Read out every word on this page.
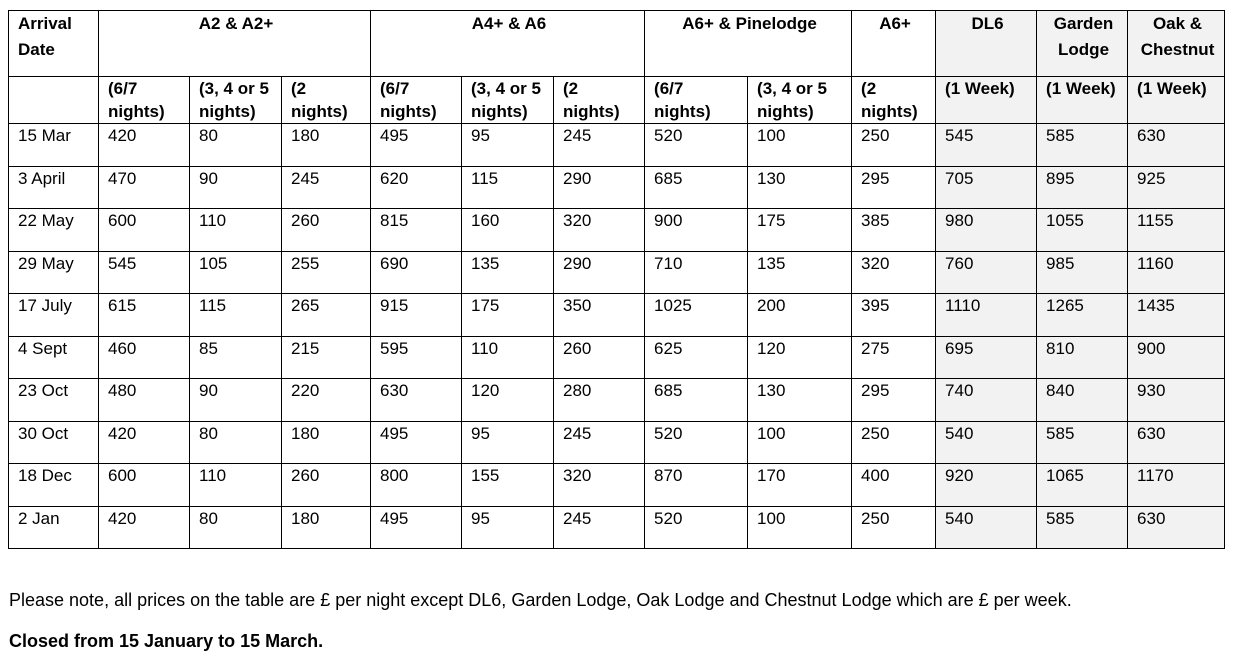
Arrival Date	A2 & A2+			A4+ & A6			A6+ & Pinelodge		A6+	DL6	Garden Lodge	Oak & Chestnut
	(6/7 nights)	(3, 4 or 5 nights)	(2 nights)	(6/7 nights)	(3, 4 or 5 nights)	(2 nights)	(6/7 nights)	(3, 4 or 5 nights)	(2 nights)	(1 Week)	(1 Week)	(1 Week)
15 Mar	420	80	180	495	95	245	520	100	250	545	585	630
3 April	470	90	245	620	115	290	685	130	295	705	895	925
22 May	600	110	260	815	160	320	900	175	385	980	1055	1155
29 May	545	105	255	690	135	290	710	135	320	760	985	1160
17 July	615	115	265	915	175	350	1025	200	395	1110	1265	1435
4 Sept	460	85	215	595	110	260	625	120	275	695	810	900
23 Oct	480	90	220	630	120	280	685	130	295	740	840	930
30 Oct	420	80	180	495	95	245	520	100	250	540	585	630
18 Dec	600	110	260	800	155	320	870	170	400	920	1065	1170
2 Jan	420	80	180	495	95	245	520	100	250	540	585	630

Please note, all prices on the table are £ per night except DL6, Garden Lodge, Oak Lodge and Chestnut Lodge which are £ per week.

Closed from 15 January to 15 March.
